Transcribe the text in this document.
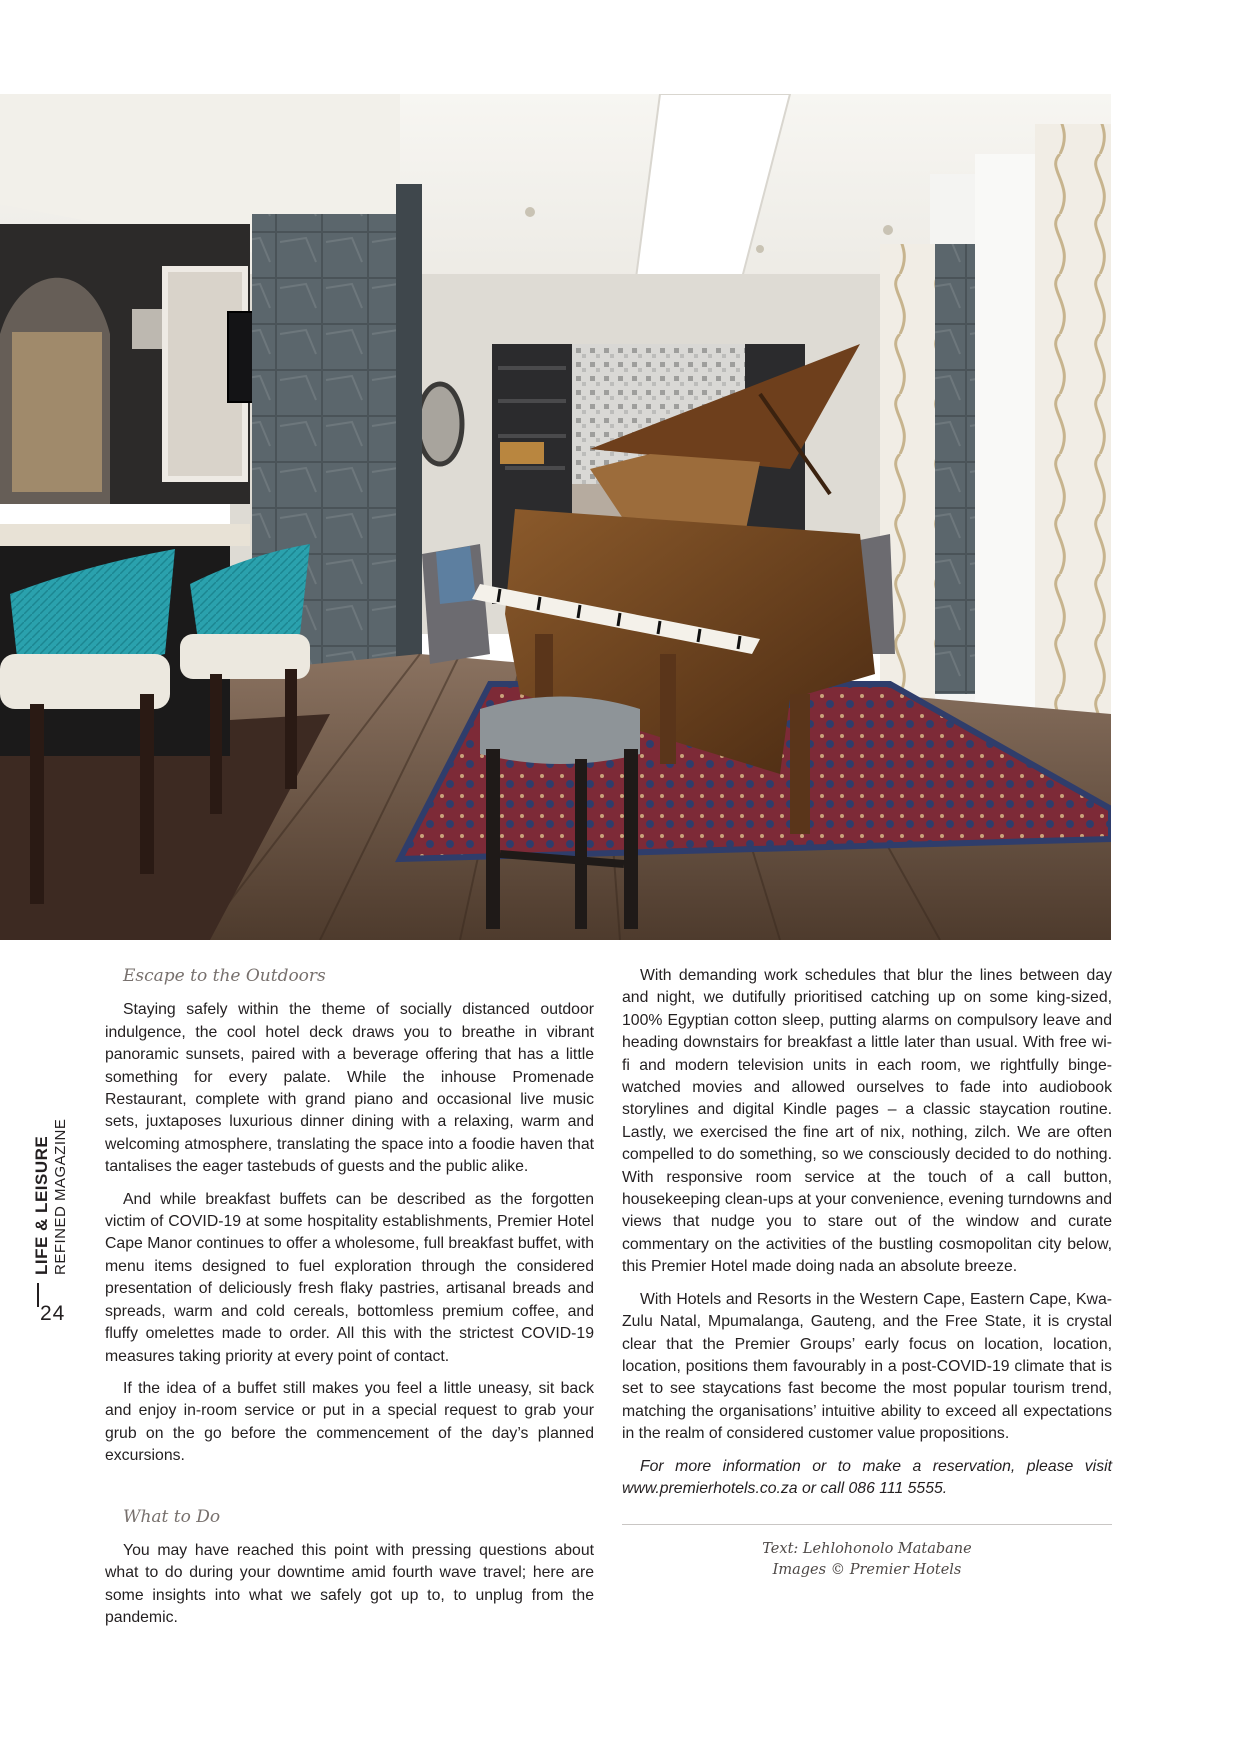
LIFE & LEISURE REFINED MAGAZINE
24
Escape to the Outdoors

Staying safely within the theme of socially distanced outdoor indulgence, the cool hotel deck draws you to breathe in vibrant panoramic sunsets, paired with a beverage offering that has a little something for every palate. While the inhouse Promenade Restaurant, complete with grand piano and occasional live music sets, juxtaposes luxurious dinner dining with a relaxing, warm and welcoming atmosphere, translating the space into a foodie haven that tantalises the eager tastebuds of guests and the public alike.

And while breakfast buffets can be described as the forgotten victim of COVID-19 at some hospitality establishments, Premier Hotel Cape Manor continues to offer a wholesome, full breakfast buffet, with menu items designed to fuel exploration through the considered presentation of deliciously fresh flaky pastries, artisanal breads and spreads, warm and cold cereals, bottomless premium coffee, and fluffy omelettes made to order. All this with the strictest COVID-19 measures taking priority at every point of contact.

If the idea of a buffet still makes you feel a little uneasy, sit back and enjoy in-room service or put in a special request to grab your grub on the go before the commencement of the day’s planned excursions.

What to Do

You may have reached this point with pressing questions about what to do during your downtime amid fourth wave travel; here are some insights into what we safely got up to, to unplug from the pandemic.

With demanding work schedules that blur the lines between day and night, we dutifully prioritised catching up on some king-sized, 100% Egyptian cotton sleep, putting alarms on compulsory leave and heading downstairs for breakfast a little later than usual. With free wi-fi and modern television units in each room, we rightfully binge-watched movies and allowed ourselves to fade into audiobook storylines and digital Kindle pages – a classic staycation routine. Lastly, we exercised the fine art of nix, nothing, zilch. We are often compelled to do something, so we consciously decided to do nothing. With responsive room service at the touch of a call button, housekeeping clean-ups at your convenience, evening turndowns and views that nudge you to stare out of the window and curate commentary on the activities of the bustling cosmopolitan city below, this Premier Hotel made doing nada an absolute breeze.

With Hotels and Resorts in the Western Cape, Eastern Cape, Kwa-Zulu Natal, Mpumalanga, Gauteng, and the Free State, it is crystal clear that the Premier Groups’ early focus on location, location, location, positions them favourably in a post-COVID-19 climate that is set to see staycations fast become the most popular tourism trend, matching the organisations’ intuitive ability to exceed all expectations in the realm of considered customer value propositions.

For more information or to make a reservation, please visit www.premierhotels.co.za or call 086 111 5555.

Text: Lehlohonolo Matabane
Images © Premier Hotels
